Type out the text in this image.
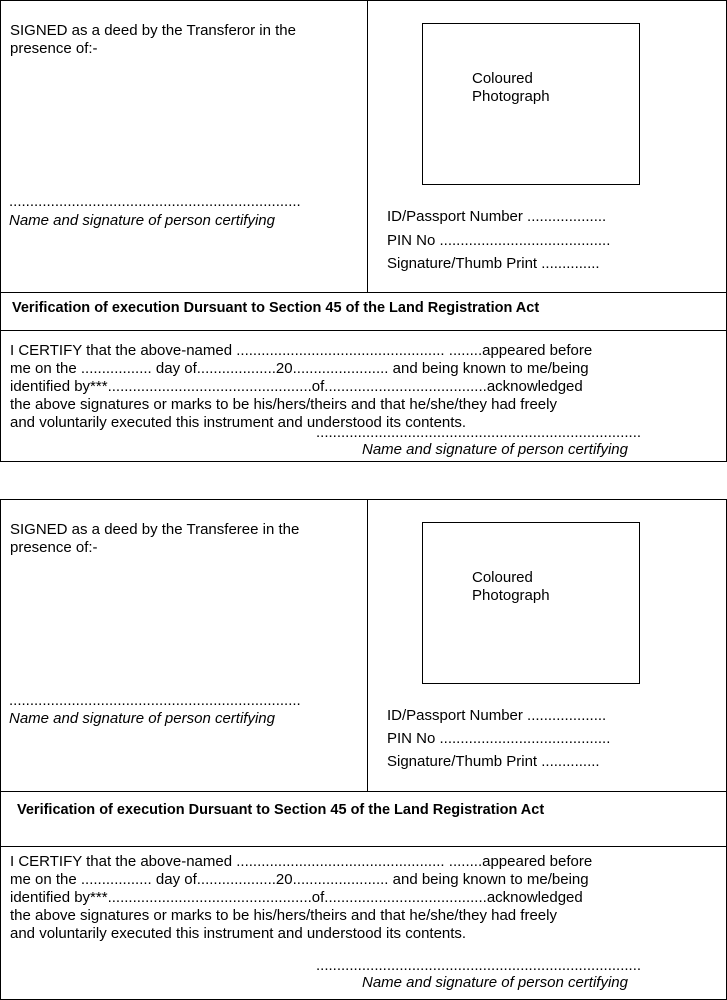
SIGNED as a deed by the Transferor in the
presence of:-
......................................................................
Name and signature of person certifying
Coloured
Photograph
ID/Passport Number ...................
PIN No .........................................
Signature/Thumb Print ..............
Verification of execution Dursuant to Section 45 of the Land Registration Act
I CERTIFY that the above-named .................................................. ........appeared before
me on the ................. day of...................20....................... and being known to me/being
identified by***.................................................of.......................................acknowledged
the above signatures or marks to be his/hers/theirs and that he/she/they had freely
and voluntarily executed this instrument and understood its contents.
..............................................................................
Name and signature of person certifying
SIGNED as a deed by the Transferee in the
presence of:-
......................................................................
Name and signature of person certifying
Coloured
Photograph
ID/Passport Number ...................
PIN No .........................................
Signature/Thumb Print ..............
Verification of execution Dursuant to Section 45 of the Land Registration Act
I CERTIFY that the above-named .................................................. ........appeared before
me on the ................. day of...................20....................... and being known to me/being
identified by***.................................................of.......................................acknowledged
the above signatures or marks to be his/hers/theirs and that he/she/they had freely
and voluntarily executed this instrument and understood its contents.
..............................................................................
Name and signature of person certifying
